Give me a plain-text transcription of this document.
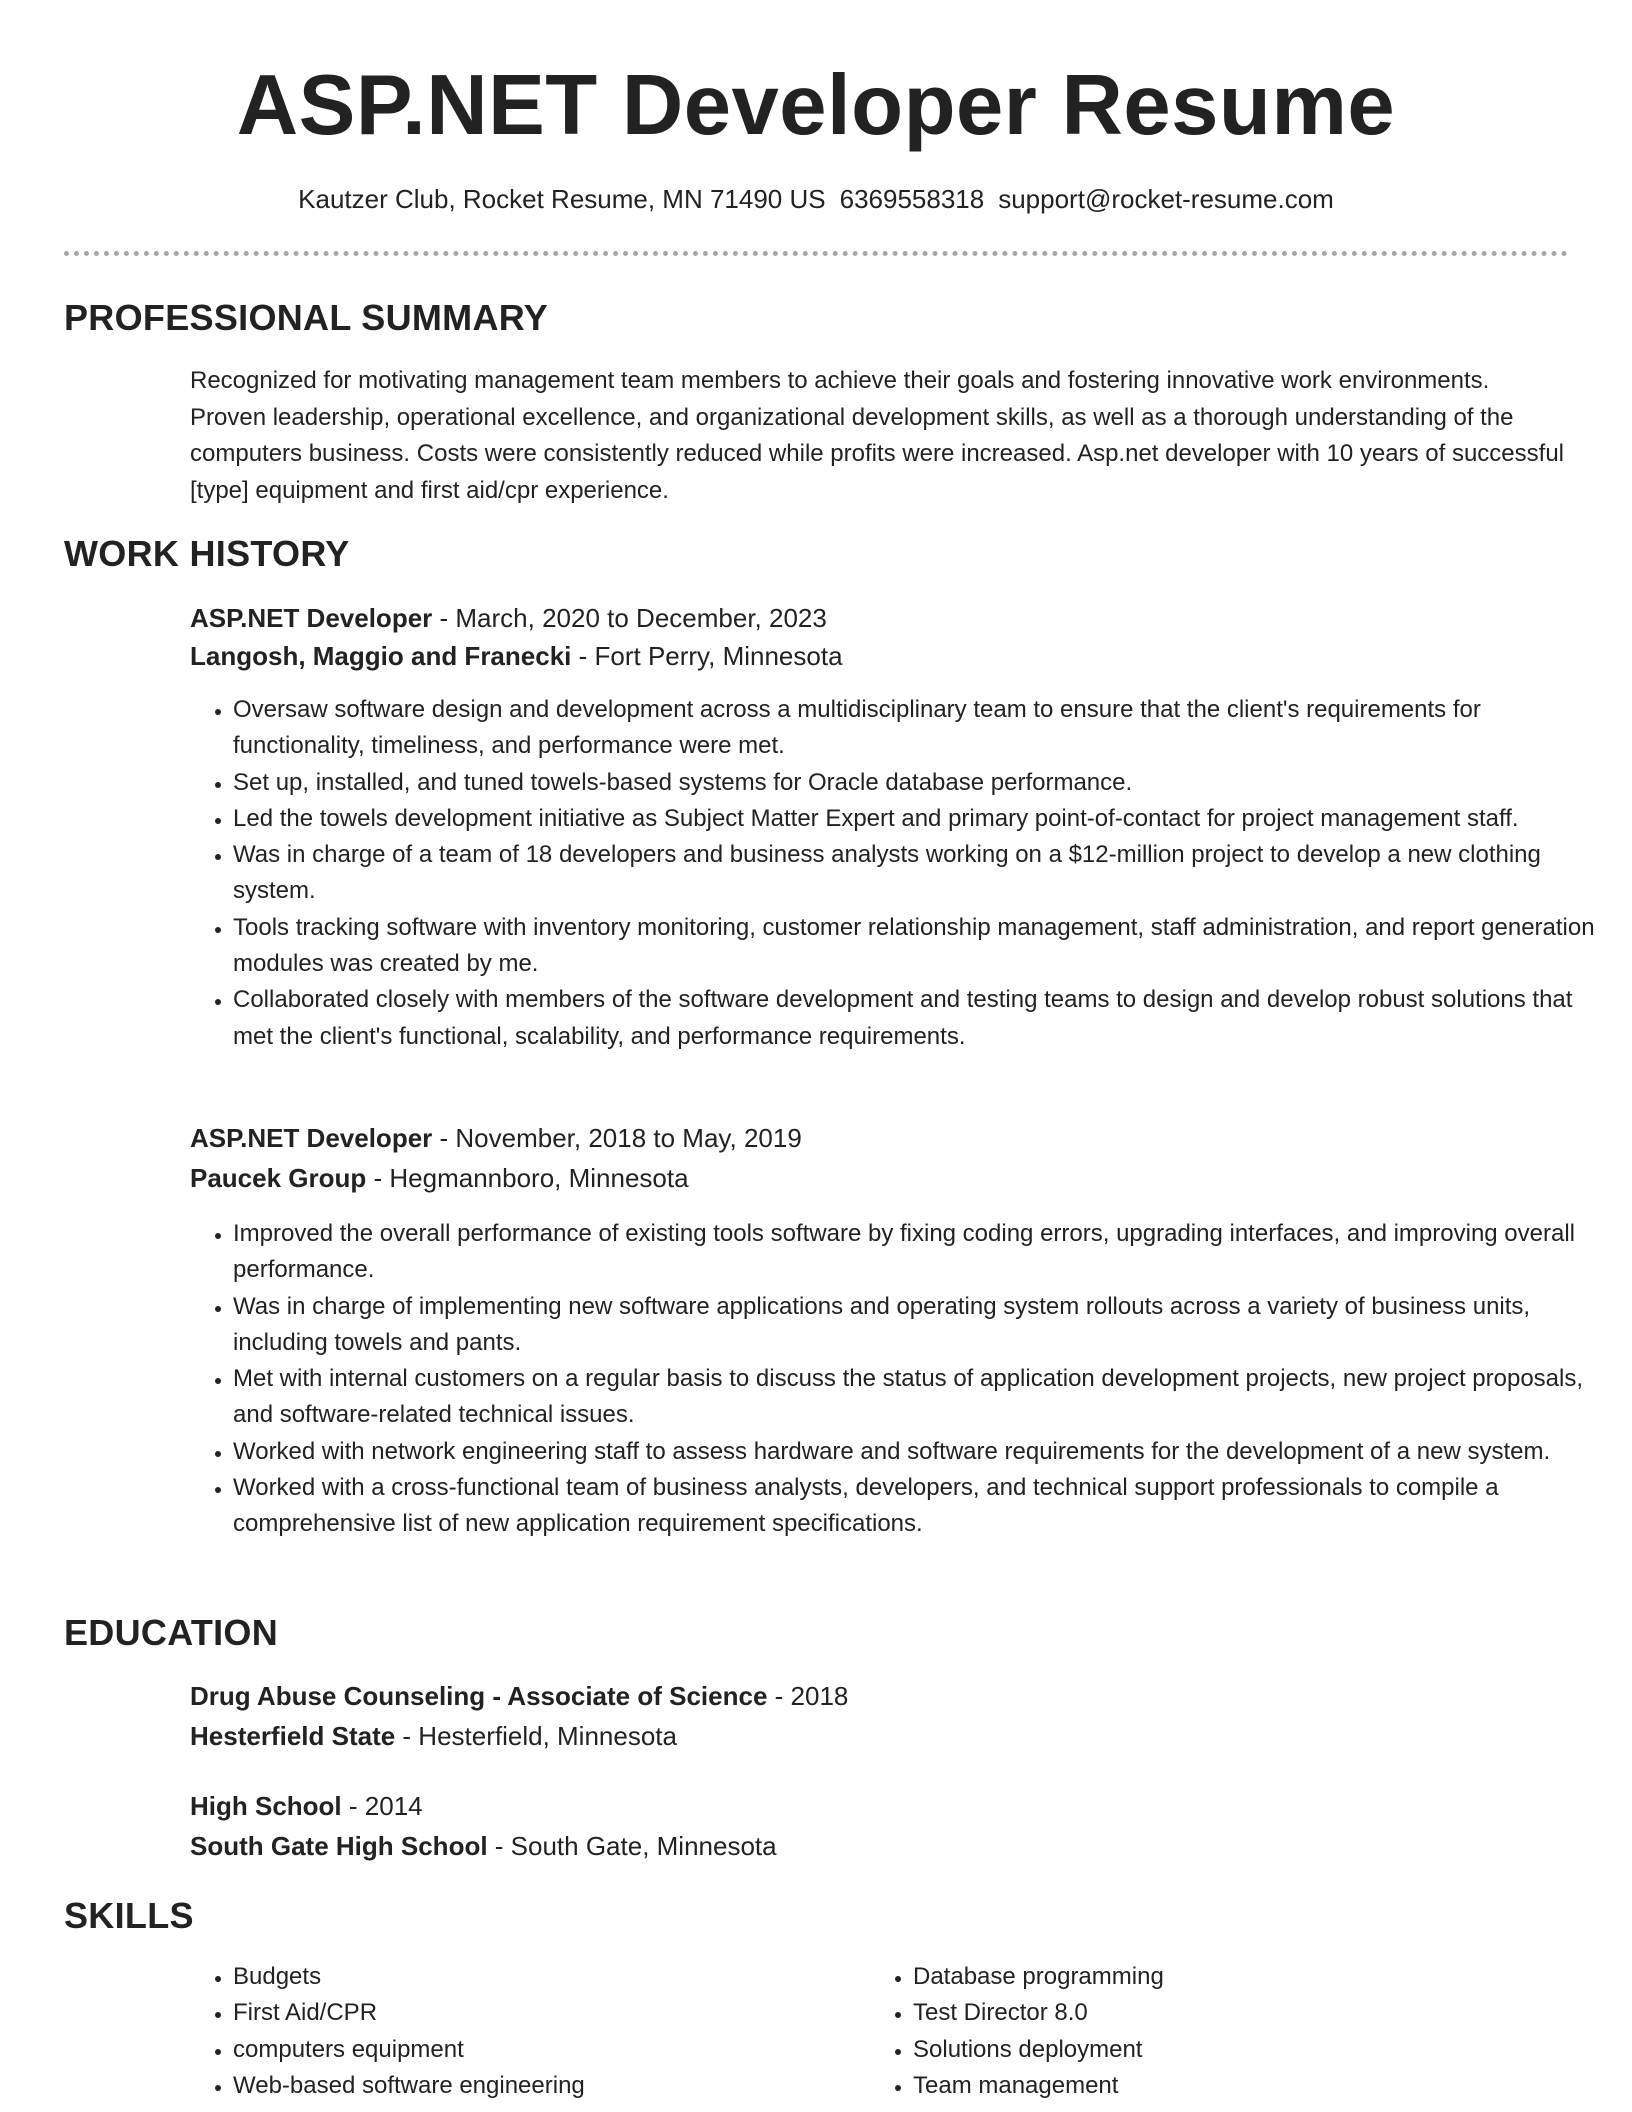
ASP.NET Developer Resume
Kautzer Club, Rocket Resume, MN 71490 US 6369558318 support@rocket-resume.com
PROFESSIONAL SUMMARY
Recognized for motivating management team members to achieve their goals and fostering innovative work environments. Proven leadership, operational excellence, and organizational development skills, as well as a thorough understanding of the computers business. Costs were consistently reduced while profits were increased. Asp.net developer with 10 years of successful [type] equipment and first aid/cpr experience.
WORK HISTORY
ASP.NET Developer - March, 2020 to December, 2023
Langosh, Maggio and Franecki - Fort Perry, Minnesota
• Oversaw software design and development across a multidisciplinary team to ensure that the client's requirements for functionality, timeliness, and performance were met.
• Set up, installed, and tuned towels-based systems for Oracle database performance.
• Led the towels development initiative as Subject Matter Expert and primary point-of-contact for project management staff.
• Was in charge of a team of 18 developers and business analysts working on a $12-million project to develop a new clothing system.
• Tools tracking software with inventory monitoring, customer relationship management, staff administration, and report generation modules was created by me.
• Collaborated closely with members of the software development and testing teams to design and develop robust solutions that met the client's functional, scalability, and performance requirements.
ASP.NET Developer - November, 2018 to May, 2019
Paucek Group - Hegmannboro, Minnesota
• Improved the overall performance of existing tools software by fixing coding errors, upgrading interfaces, and improving overall performance.
• Was in charge of implementing new software applications and operating system rollouts across a variety of business units, including towels and pants.
• Met with internal customers on a regular basis to discuss the status of application development projects, new project proposals, and software-related technical issues.
• Worked with network engineering staff to assess hardware and software requirements for the development of a new system.
• Worked with a cross-functional team of business analysts, developers, and technical support professionals to compile a comprehensive list of new application requirement specifications.
EDUCATION
Drug Abuse Counseling - Associate of Science - 2018
Hesterfield State - Hesterfield, Minnesota
High School - 2014
South Gate High School - South Gate, Minnesota
SKILLS
• Budgets
• First Aid/CPR
• computers equipment
• Web-based software engineering
• Database programming
• Test Director 8.0
• Solutions deployment
• Team management
